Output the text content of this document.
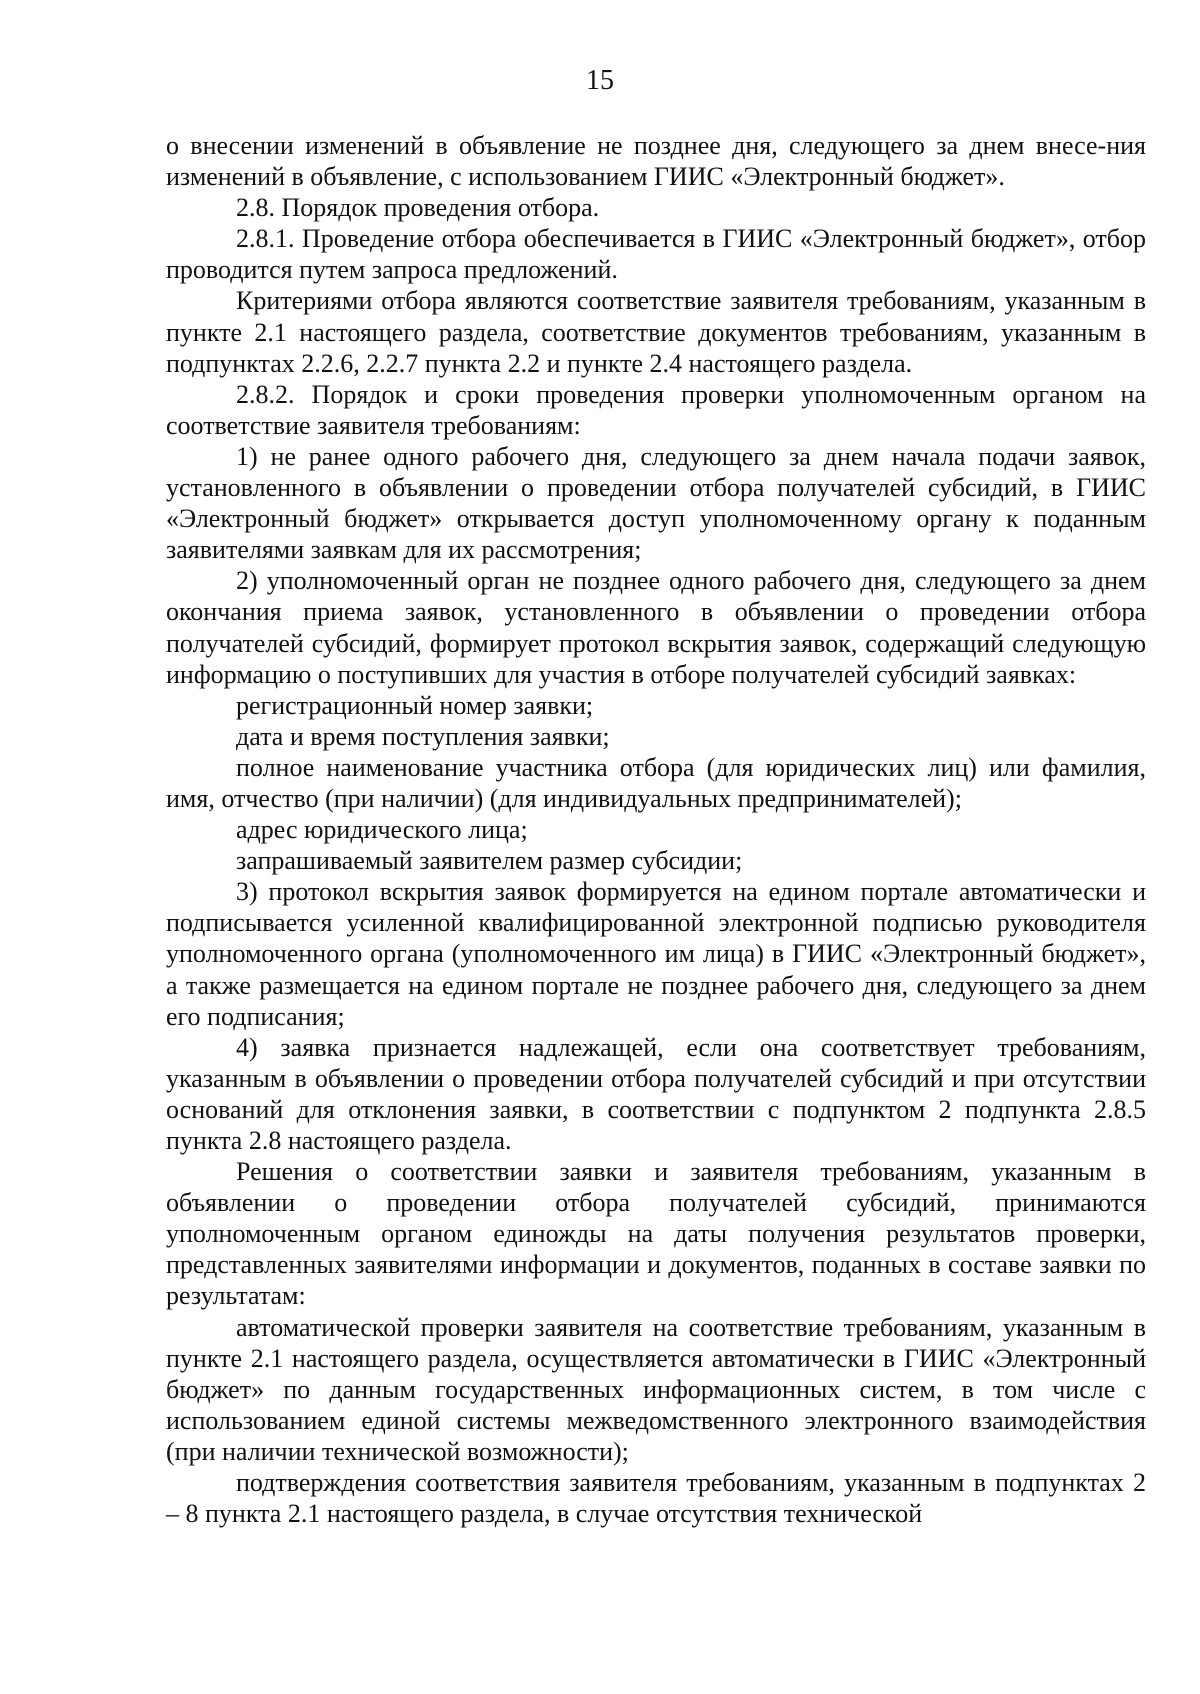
15

о внесении изменений в объявление не позднее дня, следующего за днем внесе-ния изменений в объявление, с использованием ГИИС «Электронный бюджет».

2.8. Порядок проведения отбора.

2.8.1. Проведение отбора обеспечивается в ГИИС «Электронный бюджет», отбор проводится путем запроса предложений.

Критериями отбора являются соответствие заявителя требованиям, указанным в пункте 2.1 настоящего раздела, соответствие документов требованиям, указанным в подпунктах 2.2.6, 2.2.7 пункта 2.2 и пункте 2.4 настоящего раздела.

2.8.2. Порядок и сроки проведения проверки уполномоченным органом на соответствие заявителя требованиям:

1) не ранее одного рабочего дня, следующего за днем начала подачи заявок, установленного в объявлении о проведении отбора получателей субсидий, в ГИИС «Электронный бюджет» открывается доступ уполномоченному органу к поданным заявителями заявкам для их рассмотрения;

2) уполномоченный орган не позднее одного рабочего дня, следующего за днем окончания приема заявок, установленного в объявлении о проведении отбора получателей субсидий, формирует протокол вскрытия заявок, содержащий следующую информацию о поступивших для участия в отборе получателей субсидий заявках:

регистрационный номер заявки;

дата и время поступления заявки;

полное наименование участника отбора (для юридических лиц) или фамилия, имя, отчество (при наличии) (для индивидуальных предпринимателей);

адрес юридического лица;

запрашиваемый заявителем размер субсидии;

3) протокол вскрытия заявок формируется на едином портале автоматически и подписывается усиленной квалифицированной электронной подписью руководителя уполномоченного органа (уполномоченного им лица) в ГИИС «Электронный бюджет», а также размещается на едином портале не позднее рабочего дня, следующего за днем его подписания;

4) заявка признается надлежащей, если она соответствует требованиям, указанным в объявлении о проведении отбора получателей субсидий и при отсутствии оснований для отклонения заявки, в соответствии с подпунктом 2 подпункта 2.8.5 пункта 2.8 настоящего раздела.

Решения о соответствии заявки и заявителя требованиям, указанным в объявлении о проведении отбора получателей субсидий, принимаются уполномоченным органом единожды на даты получения результатов проверки, представленных заявителями информации и документов, поданных в составе заявки по результатам:

автоматической проверки заявителя на соответствие требованиям, указанным в пункте 2.1 настоящего раздела, осуществляется автоматически в ГИИС «Электронный бюджет» по данным государственных информационных систем, в том числе с использованием единой системы межведомственного электронного взаимодействия (при наличии технической возможности);

подтверждения соответствия заявителя требованиям, указанным в подпунктах 2 – 8 пункта 2.1 настоящего раздела, в случае отсутствия технической
